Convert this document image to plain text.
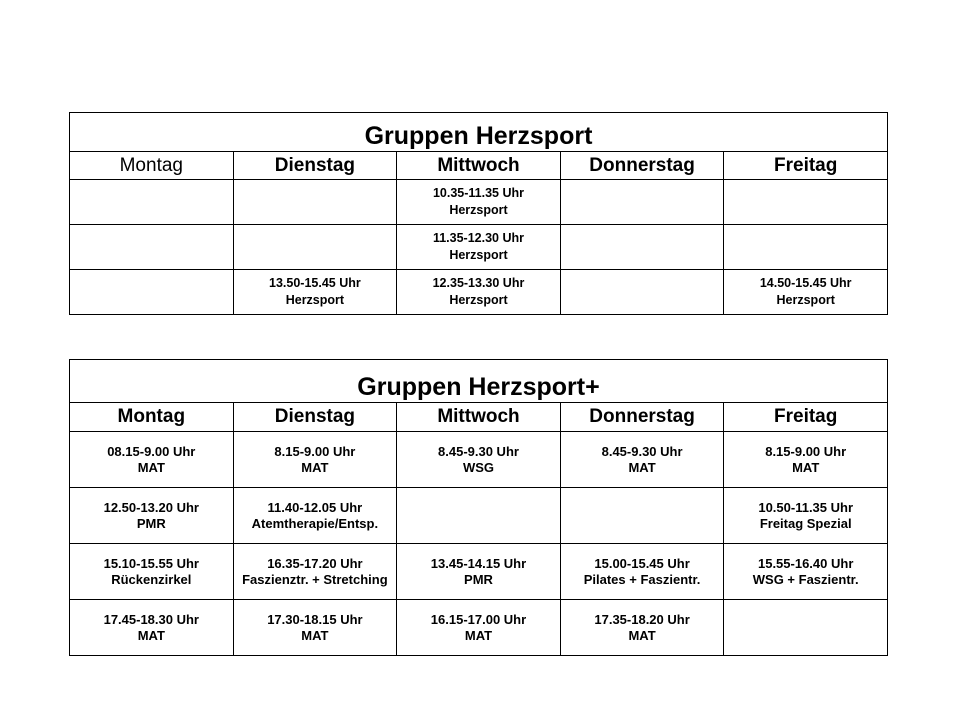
Gruppen Herzsport				
Montag	Dienstag	Mittwoch	Donnerstag	Freitag

		10.35-11.35 Uhr
Herzsport		

		11.35-12.30 Uhr
Herzsport		

	13.50-15.45 Uhr
Herzsport	12.35-13.30 Uhr
Herzsport		14.50-15.45 Uhr
Herzsport
Gruppen Herzsport+				
Montag	Dienstag	Mittwoch	Donnerstag	Freitag

08.15-9.00 Uhr
MAT	8.15-9.00 Uhr
MAT	8.45-9.30 Uhr
WSG	8.45-9.30 Uhr
MAT	8.15-9.00 Uhr
MAT

12.50-13.20 Uhr
PMR	11.40-12.05 Uhr
Atemtherapie/Entsp.			10.50-11.35 Uhr
Freitag Spezial

15.10-15.55 Uhr
Rückenzirkel	16.35-17.20 Uhr
Faszienztr. + Stretching	13.45-14.15 Uhr
PMR	15.00-15.45 Uhr
Pilates + Faszientr.	15.55-16.40 Uhr
WSG + Faszientr.

17.45-18.30 Uhr
MAT	17.30-18.15 Uhr
MAT	16.15-17.00 Uhr
MAT	17.35-18.20 Uhr
MAT	
